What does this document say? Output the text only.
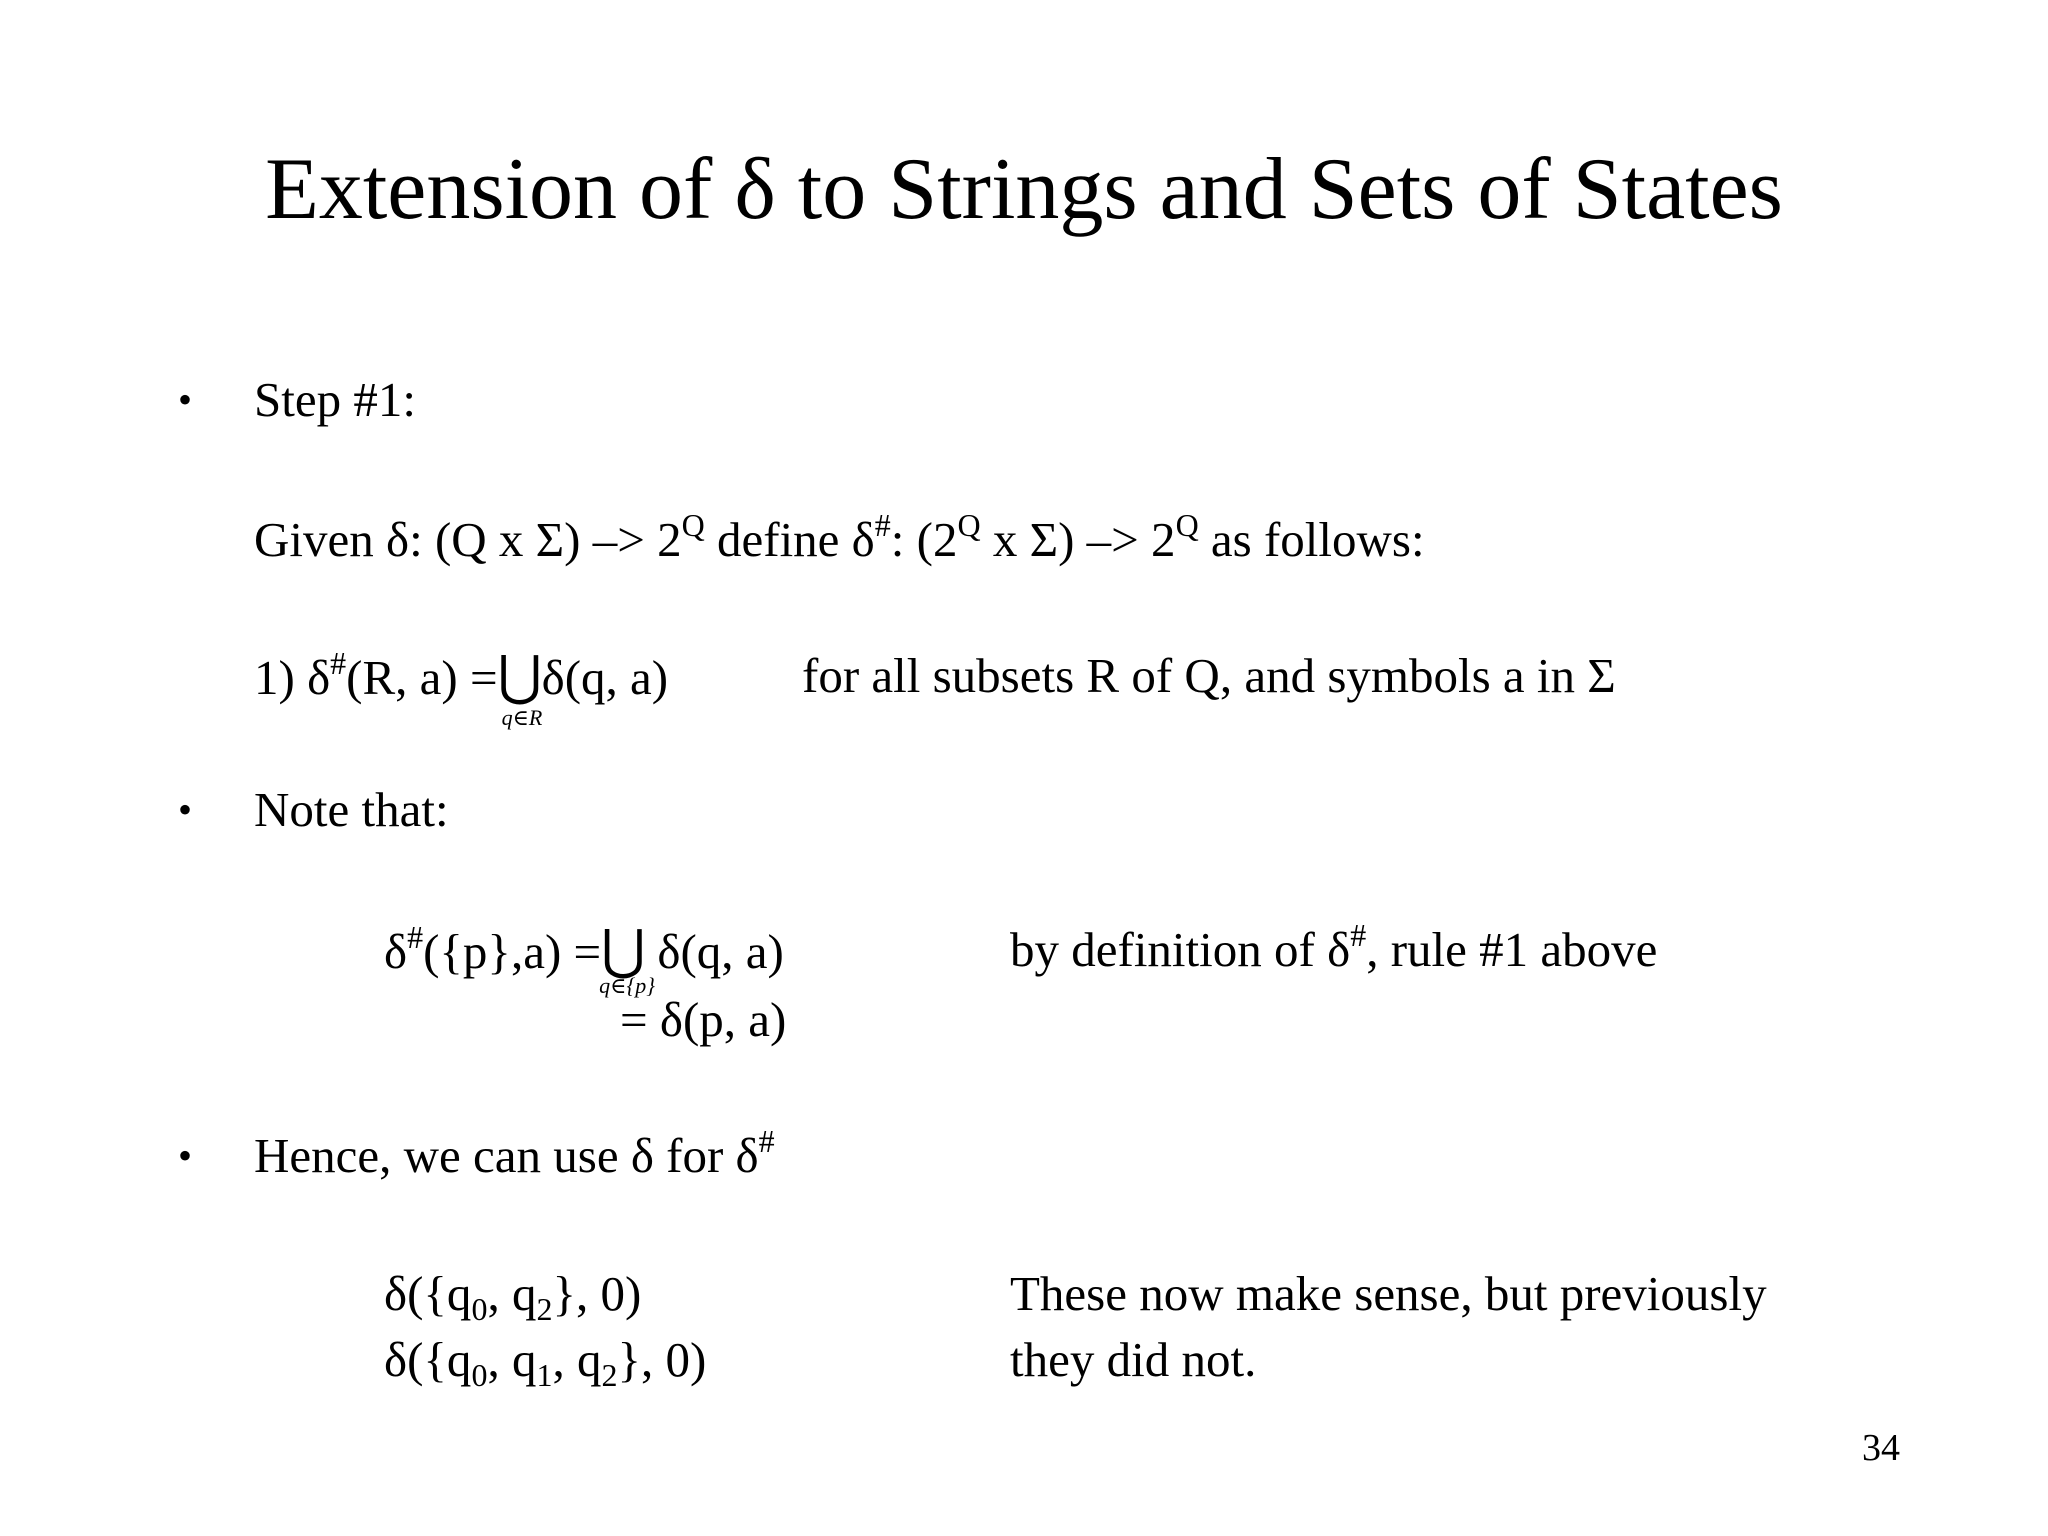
Extension of δ to Strings and Sets of States
• Step #1:
Given δ: (Q x $\Sigma) -> 2^Q$ define δ#: ($2^Q$ x $\Sigma) -> 2^Q$ as follows:
1) δ#(R, a) =⋃
q∈R
δ(q, a)	for all subsets R of Q, and symbols a in Σ
• Note that:
δ#({p},a) =⋃
q∈{p}
δ(q, a)	by definition of δ#, rule #1 above
= δ(p, a)
• Hence, we can use δ for δ#
$\delta(\{q_0$, $q_2$}, 0)
$\delta(\{q_0$, $q_1$, $q_2$}, 0)
These now make sense, but previously
they did not.
34
